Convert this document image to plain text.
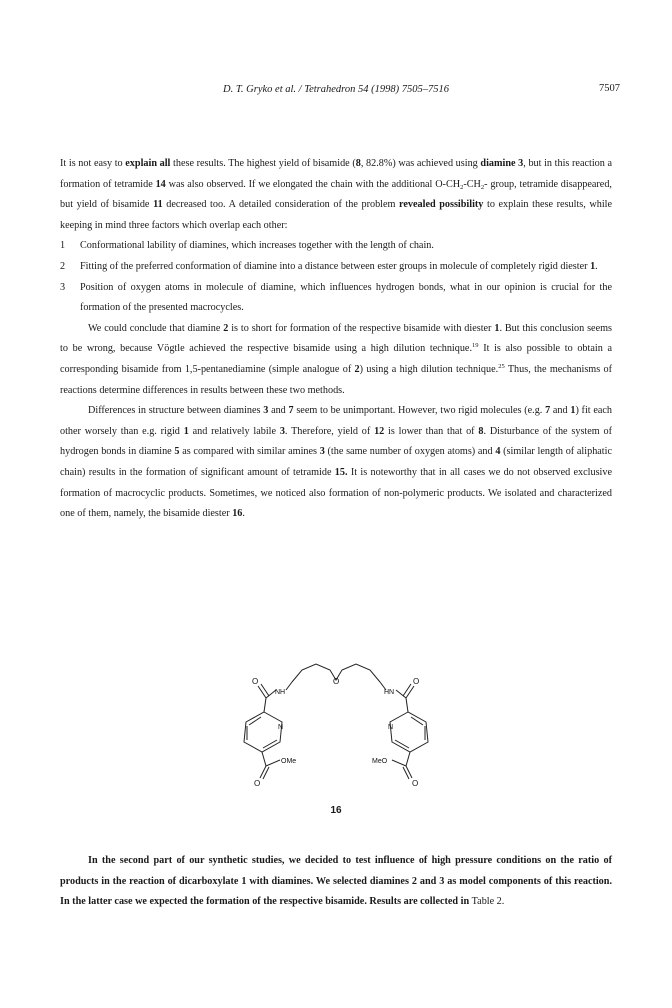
D. T. Gryko et al. / Tetrahedron 54 (1998) 7505–7516	7507

It is not easy to explain all these results. The highest yield of bisamide (8, 82.8%) was achieved using diamine 3, but in this reaction a formation of tetramide 14 was also observed. If we elongated the chain with the additional $O-CH_2-CH_2-$ group, tetramide disappeared, but yield of bisamide 11 decreased too. A detailed consideration of the problem revealed possibility to explain these results, while keeping in mind three factors which overlap each other:

1 Conformational lability of diamines, which increases together with the length of chain.
2 Fitting of the preferred conformation of diamine into a distance between ester groups in molecule of completely rigid diester 1.
3 Position of oxygen atoms in molecule of diamine, which influences hydrogen bonds, what in our opinion is crucial for the formation of the presented macrocycles.

We could conclude that diamine 2 is to short for formation of the respective bisamide with diester 1. But this conclusion seems to be wrong, because Vögtle achieved the respective bisamide using a high dilution technique.$^{19}$ It is also possible to obtain a corresponding bisamide from 1,5-pentanediamine (simple analogue of 2) using a high dilution technique.$^{25}$ Thus, the mechanisms of reactions determine differences in results between these two methods.

Differences in structure between diamines 3 and 7 seem to be unimportant. However, two rigid molecules (e.g. 7 and 1) fit each other worsely than e.g. rigid 1 and relatively labile 3. Therefore, yield of 12 is lower than that of 8. Disturbance of the system of hydrogen bonds in diamine 5 as compared with similar amines 3 (the same number of oxygen atoms) and 4 (similar length of aliphatic chain) results in the formation of significant amount of tetramide 15. It is noteworthy that in all cases we do not observed exclusive formation of macrocyclic products. Sometimes, we noticed also formation of non-polymeric products. We isolated and characterized one of them, namely, the bisamide diester 16.

O
O	O
NH	HN
N	N
OMe	MeO
O	O
16

In the second part of our synthetic studies, we decided to test influence of high pressure conditions on the ratio of products in the reaction of dicarboxylate 1 with diamines. We selected diamines 2 and 3 as model components of this reaction. In the latter case we expected the formation of the respective bisamide. Results are collected in Table 2.
